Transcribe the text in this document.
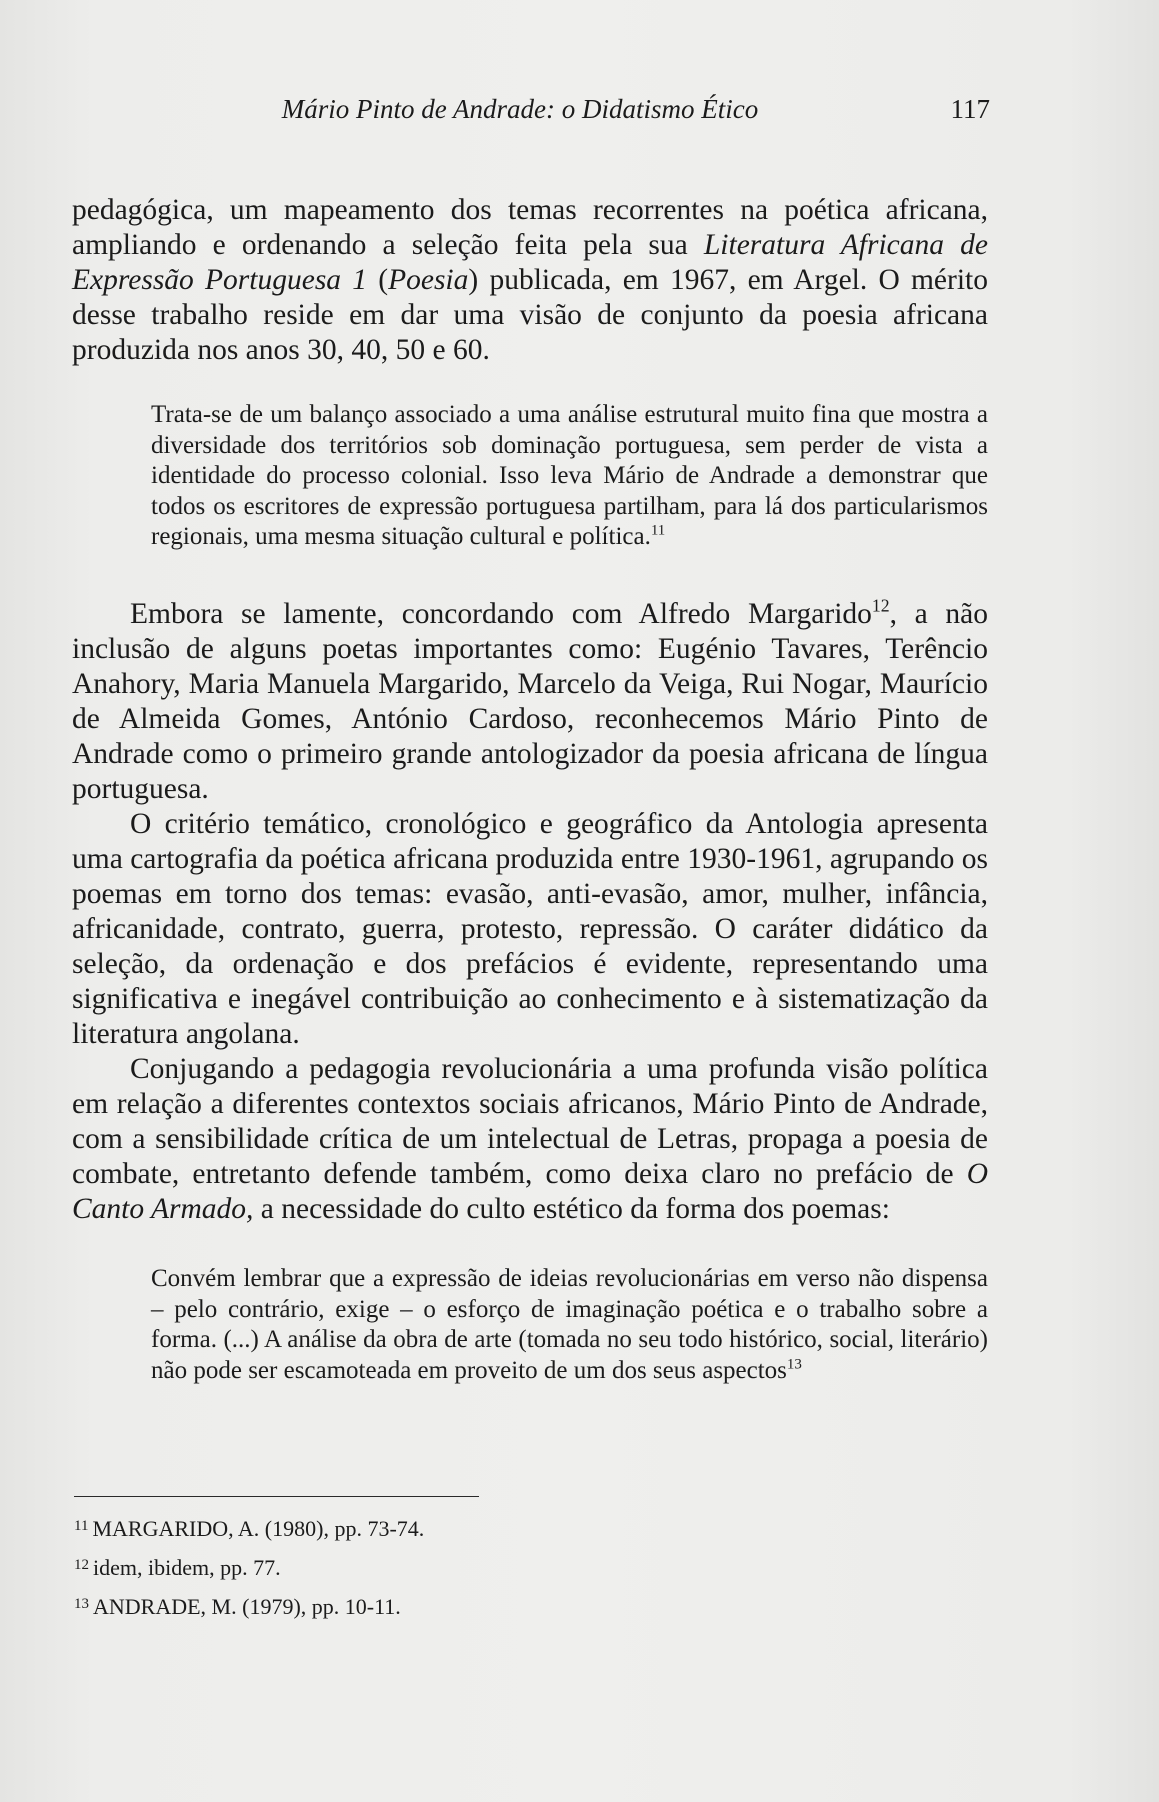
Mário Pinto de Andrade: o Didatismo Ético	117

pedagógica, um mapeamento dos temas recorrentes na poética africana, ampliando e ordenando a seleção feita pela sua Literatura Africana de Expressão Portuguesa 1 (Poesia) publicada, em 1967, em Argel. O mérito desse trabalho reside em dar uma visão de conjunto da poesia africana produzida nos anos 30, 40, 50 e 60.

Trata-se de um balanço associado a uma análise estrutural muito fina que mostra a diversidade dos territórios sob dominação portuguesa, sem perder de vista a identidade do processo colonial. Isso leva Mário de Andrade a demonstrar que todos os escritores de expressão portuguesa partilham, para lá dos particularismos regionais, uma mesma situação cultural e política.$^{11}$

Embora se lamente, concordando com Alfredo Margarido$^{12}$, a não inclusão de alguns poetas importantes como: Eugénio Tavares, Terêncio Anahory, Maria Manuela Margarido, Marcelo da Veiga, Rui Nogar, Maurício de Almeida Gomes, António Cardoso, reconhecemos Mário Pinto de Andrade como o primeiro grande antologizador da poesia africana de língua portuguesa.

O critério temático, cronológico e geográfico da Antologia apresenta uma cartografia da poética africana produzida entre 1930-1961, agrupando os poemas em torno dos temas: evasão, anti-evasão, amor, mulher, infância, africanidade, contrato, guerra, protesto, repressão. O caráter didático da seleção, da ordenação e dos prefácios é evidente, representando uma significativa e inegável contribuição ao conhecimento e à sistematização da literatura angolana.

Conjugando a pedagogia revolucionária a uma profunda visão política em relação a diferentes contextos sociais africanos, Mário Pinto de Andrade, com a sensibilidade crítica de um intelectual de Letras, propaga a poesia de combate, entretanto defende também, como deixa claro no prefácio de O Canto Armado, a necessidade do culto estético da forma dos poemas:

Convém lembrar que a expressão de ideias revolucionárias em verso não dispensa – pelo contrário, exige – o esforço de imaginação poética e o trabalho sobre a forma. (...) A análise da obra de arte (tomada no seu todo histórico, social, literário) não pode ser escamoteada em proveito de um dos seus aspectos$^{13}$

$^{11}$ MARGARIDO, A. (1980), pp. 73-74.
$^{12}$ idem, ibidem, pp. 77.
$^{13}$ ANDRADE, M. (1979), pp. 10-11.
